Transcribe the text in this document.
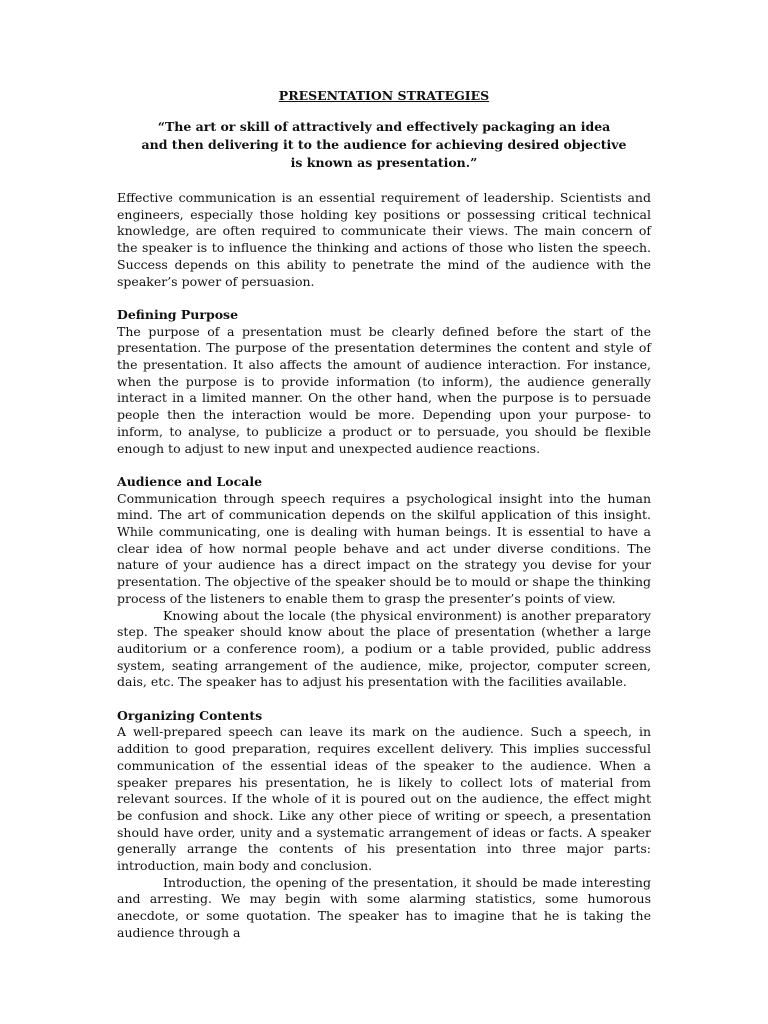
PRESENTATION STRATEGIES

“The art or skill of attractively and effectively packaging an idea
and then delivering it to the audience for achieving desired objective
is known as presentation.”

Effective communication is an essential requirement of leadership. Scientists and engineers, especially those holding key positions or possessing critical technical knowledge, are often required to communicate their views. The main concern of the speaker is to influence the thinking and actions of those who listen the speech. Success depends on this ability to penetrate the mind of the audience with the speaker’s power of persuasion.

Defining Purpose

The purpose of a presentation must be clearly defined before the start of the presentation. The purpose of the presentation determines the content and style of the presentation. It also affects the amount of audience interaction. For instance, when the purpose is to provide information (to inform), the audience generally interact in a limited manner. On the other hand, when the purpose is to persuade people then the interaction would be more. Depending upon your purpose- to inform, to analyse, to publicize a product or to persuade, you should be flexible enough to adjust to new input and unexpected audience reactions.

Audience and Locale

Communication through speech requires a psychological insight into the human mind. The art of communication depends on the skilful application of this insight. While communicating, one is dealing with human beings. It is essential to have a clear idea of how normal people behave and act under diverse conditions. The nature of your audience has a direct impact on the strategy you devise for your presentation. The objective of the speaker should be to mould or shape the thinking process of the listeners to enable them to grasp the presenter’s points of view.

Knowing about the locale (the physical environment) is another preparatory step. The speaker should know about the place of presentation (whether a large auditorium or a conference room), a podium or a table provided, public address system, seating arrangement of the audience, mike, projector, computer screen, dais, etc. The speaker has to adjust his presentation with the facilities available.

Organizing Contents

A well-prepared speech can leave its mark on the audience. Such a speech, in addition to good preparation, requires excellent delivery. This implies successful communication of the essential ideas of the speaker to the audience. When a speaker prepares his presentation, he is likely to collect lots of material from relevant sources. If the whole of it is poured out on the audience, the effect might be confusion and shock. Like any other piece of writing or speech, a presentation should have order, unity and a systematic arrangement of ideas or facts. A speaker generally arrange the contents of his presentation into three major parts: introduction, main body and conclusion.

Introduction, the opening of the presentation, it should be made interesting and arresting. We may begin with some alarming statistics, some humorous anecdote, or some quotation. The speaker has to imagine that he is taking the audience through a
